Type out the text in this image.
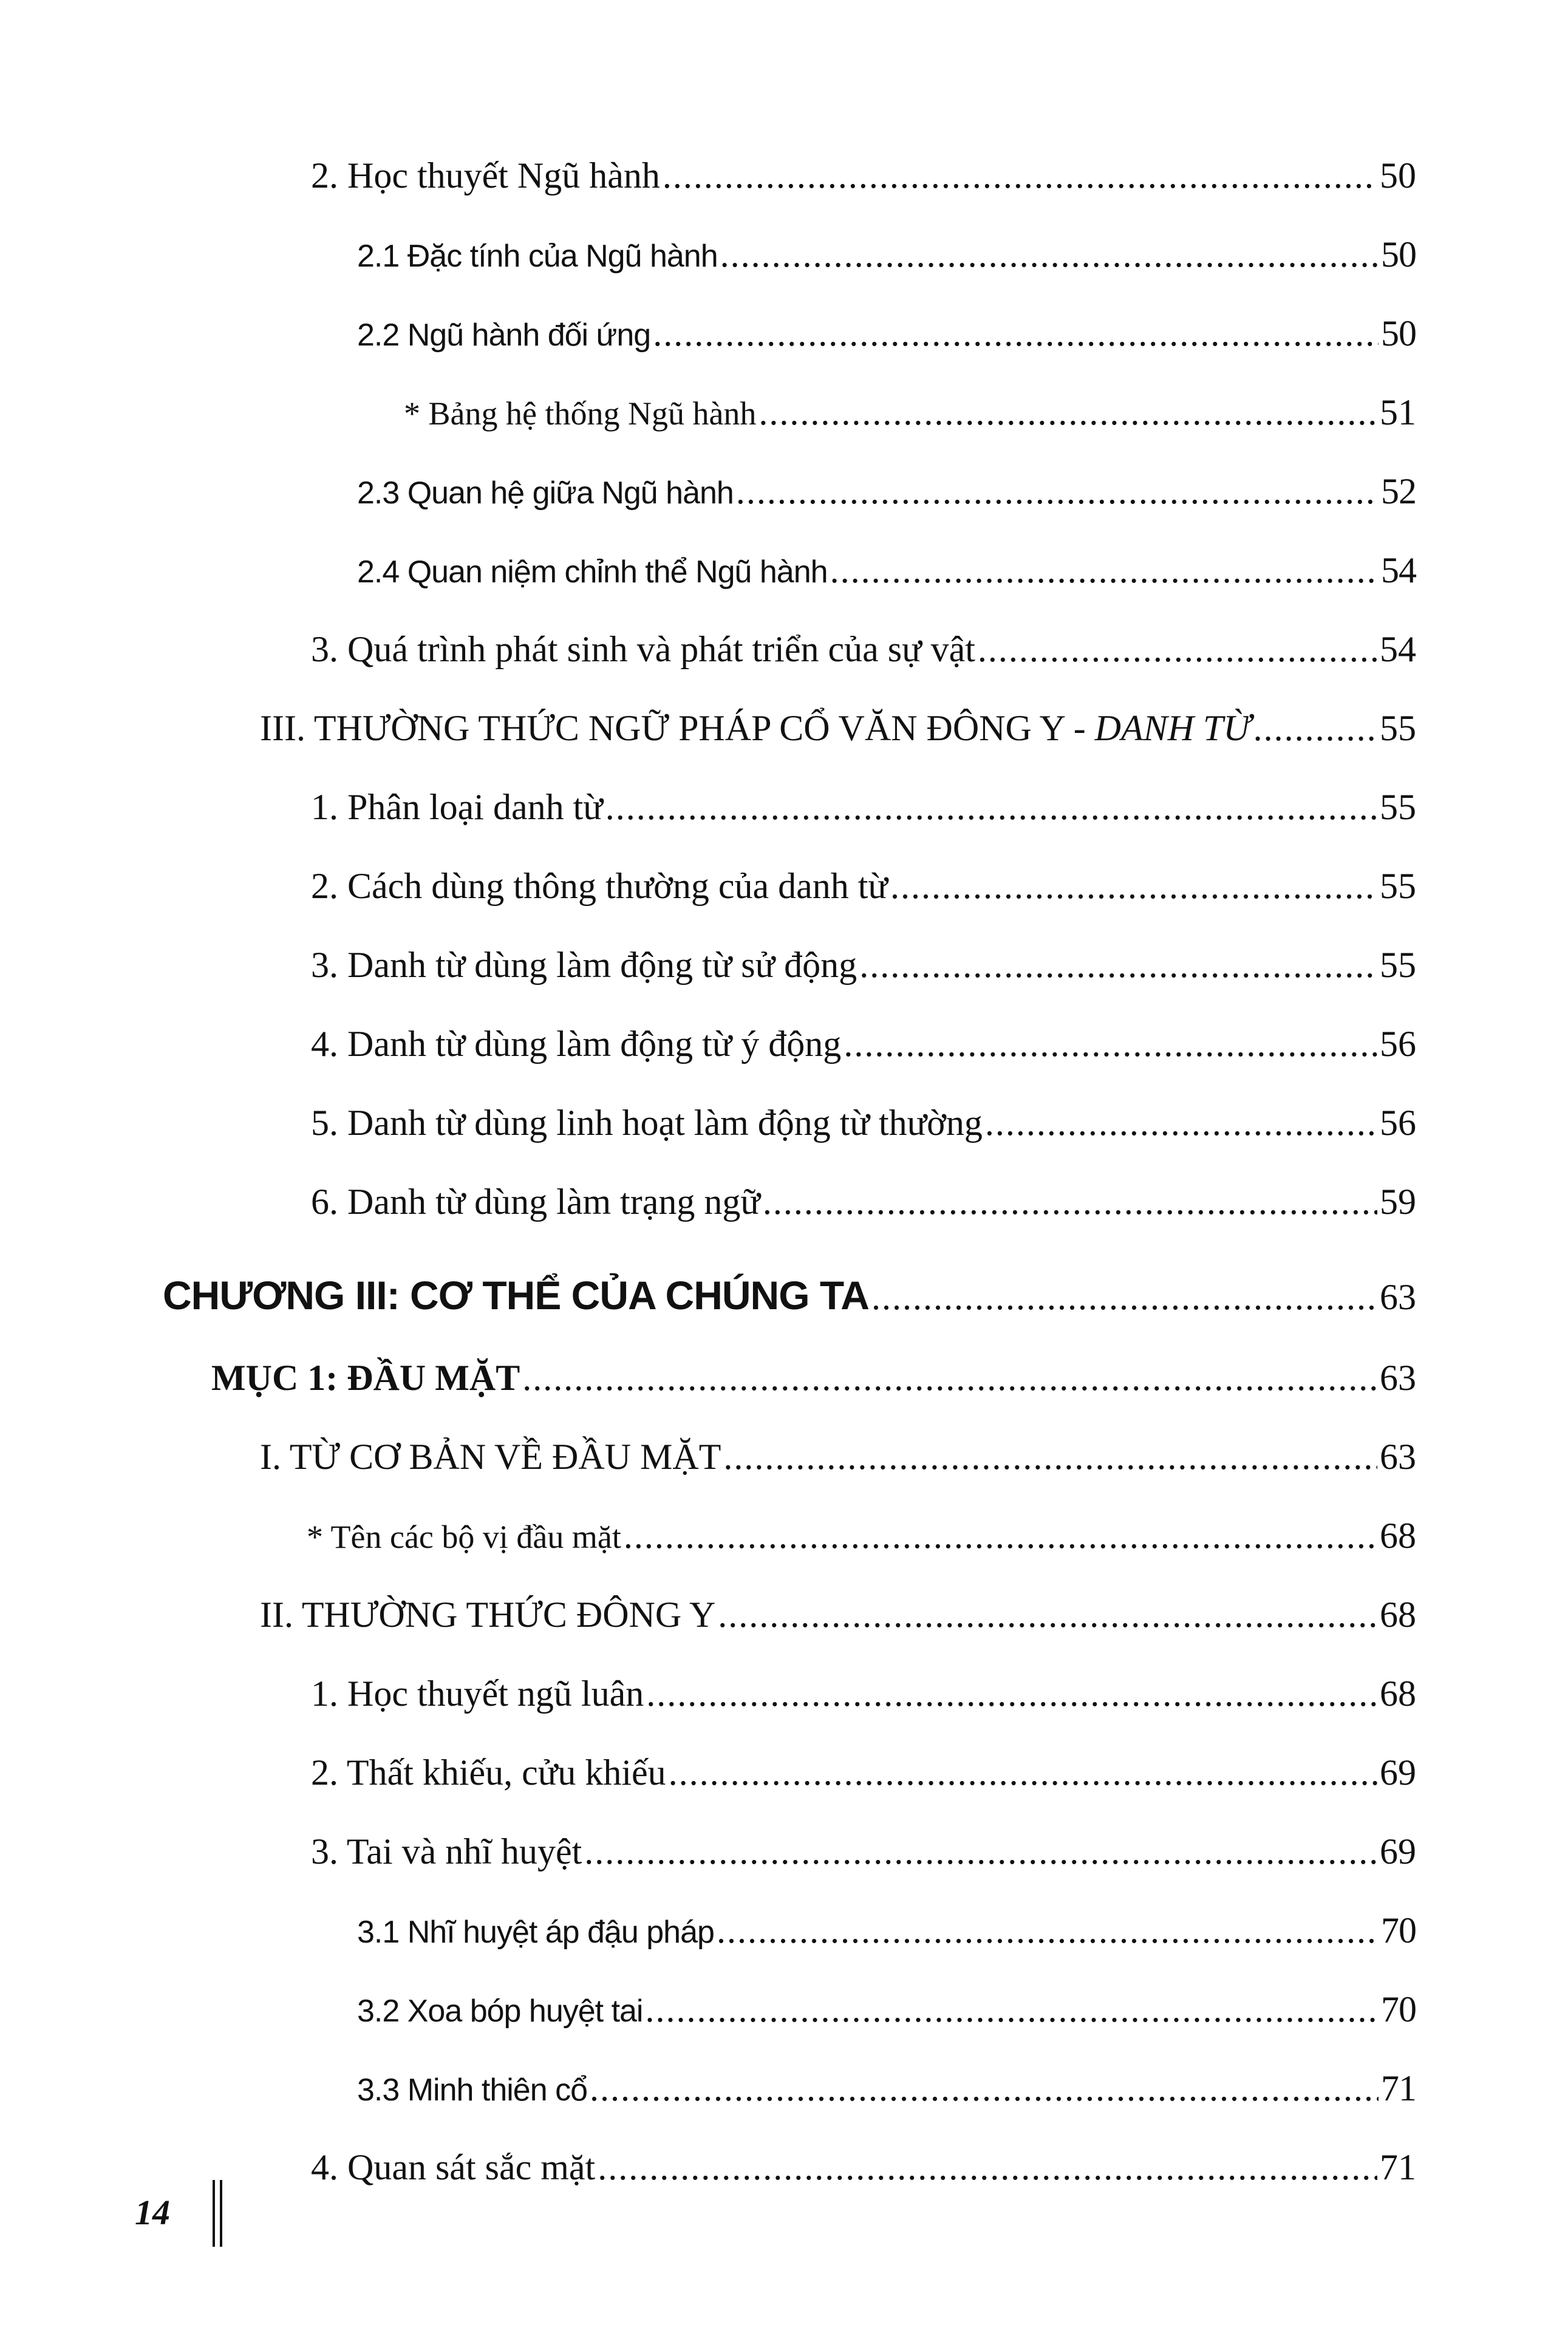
2. Học thuyết Ngũ hành .....	50
2.1 Đặc tính của Ngũ hành .....	50
2.2 Ngũ hành đối ứng .....	50
* Bảng hệ thống Ngũ hành .....	51
2.3 Quan hệ giữa Ngũ hành .....	52
2.4 Quan niệm chỉnh thể Ngũ hành .....	54
3. Quá trình phát sinh và phát triển của sự vật .....	54
III. THƯỜNG THỨC NGỮ PHÁP CỔ VĂN ĐÔNG Y - DANH TỪ .....	55
1. Phân loại danh từ .....	55
2. Cách dùng thông thường của danh từ .....	55
3. Danh từ dùng làm động từ sử động .....	55
4. Danh từ dùng làm động từ ý động .....	56
5. Danh từ dùng linh hoạt làm động từ thường .....	56
6. Danh từ dùng làm trạng ngữ .....	59
CHƯƠNG III: CƠ THỂ CỦA CHÚNG TA .....	63
MỤC 1: ĐẦU MẶT .....	63
I. TỪ CƠ BẢN VỀ ĐẦU MẶT .....	63
* Tên các bộ vị đầu mặt .....	68
II. THƯỜNG THỨC ĐÔNG Y .....	68
1. Học thuyết ngũ luân .....	68
2. Thất khiếu, cửu khiếu .....	69
3. Tai và nhĩ huyệt .....	69
3.1 Nhĩ huyệt áp đậu pháp .....	70
3.2 Xoa bóp huyệt tai .....	70
3.3 Minh thiên cổ .....	71
4. Quan sát sắc mặt .....	71
14
